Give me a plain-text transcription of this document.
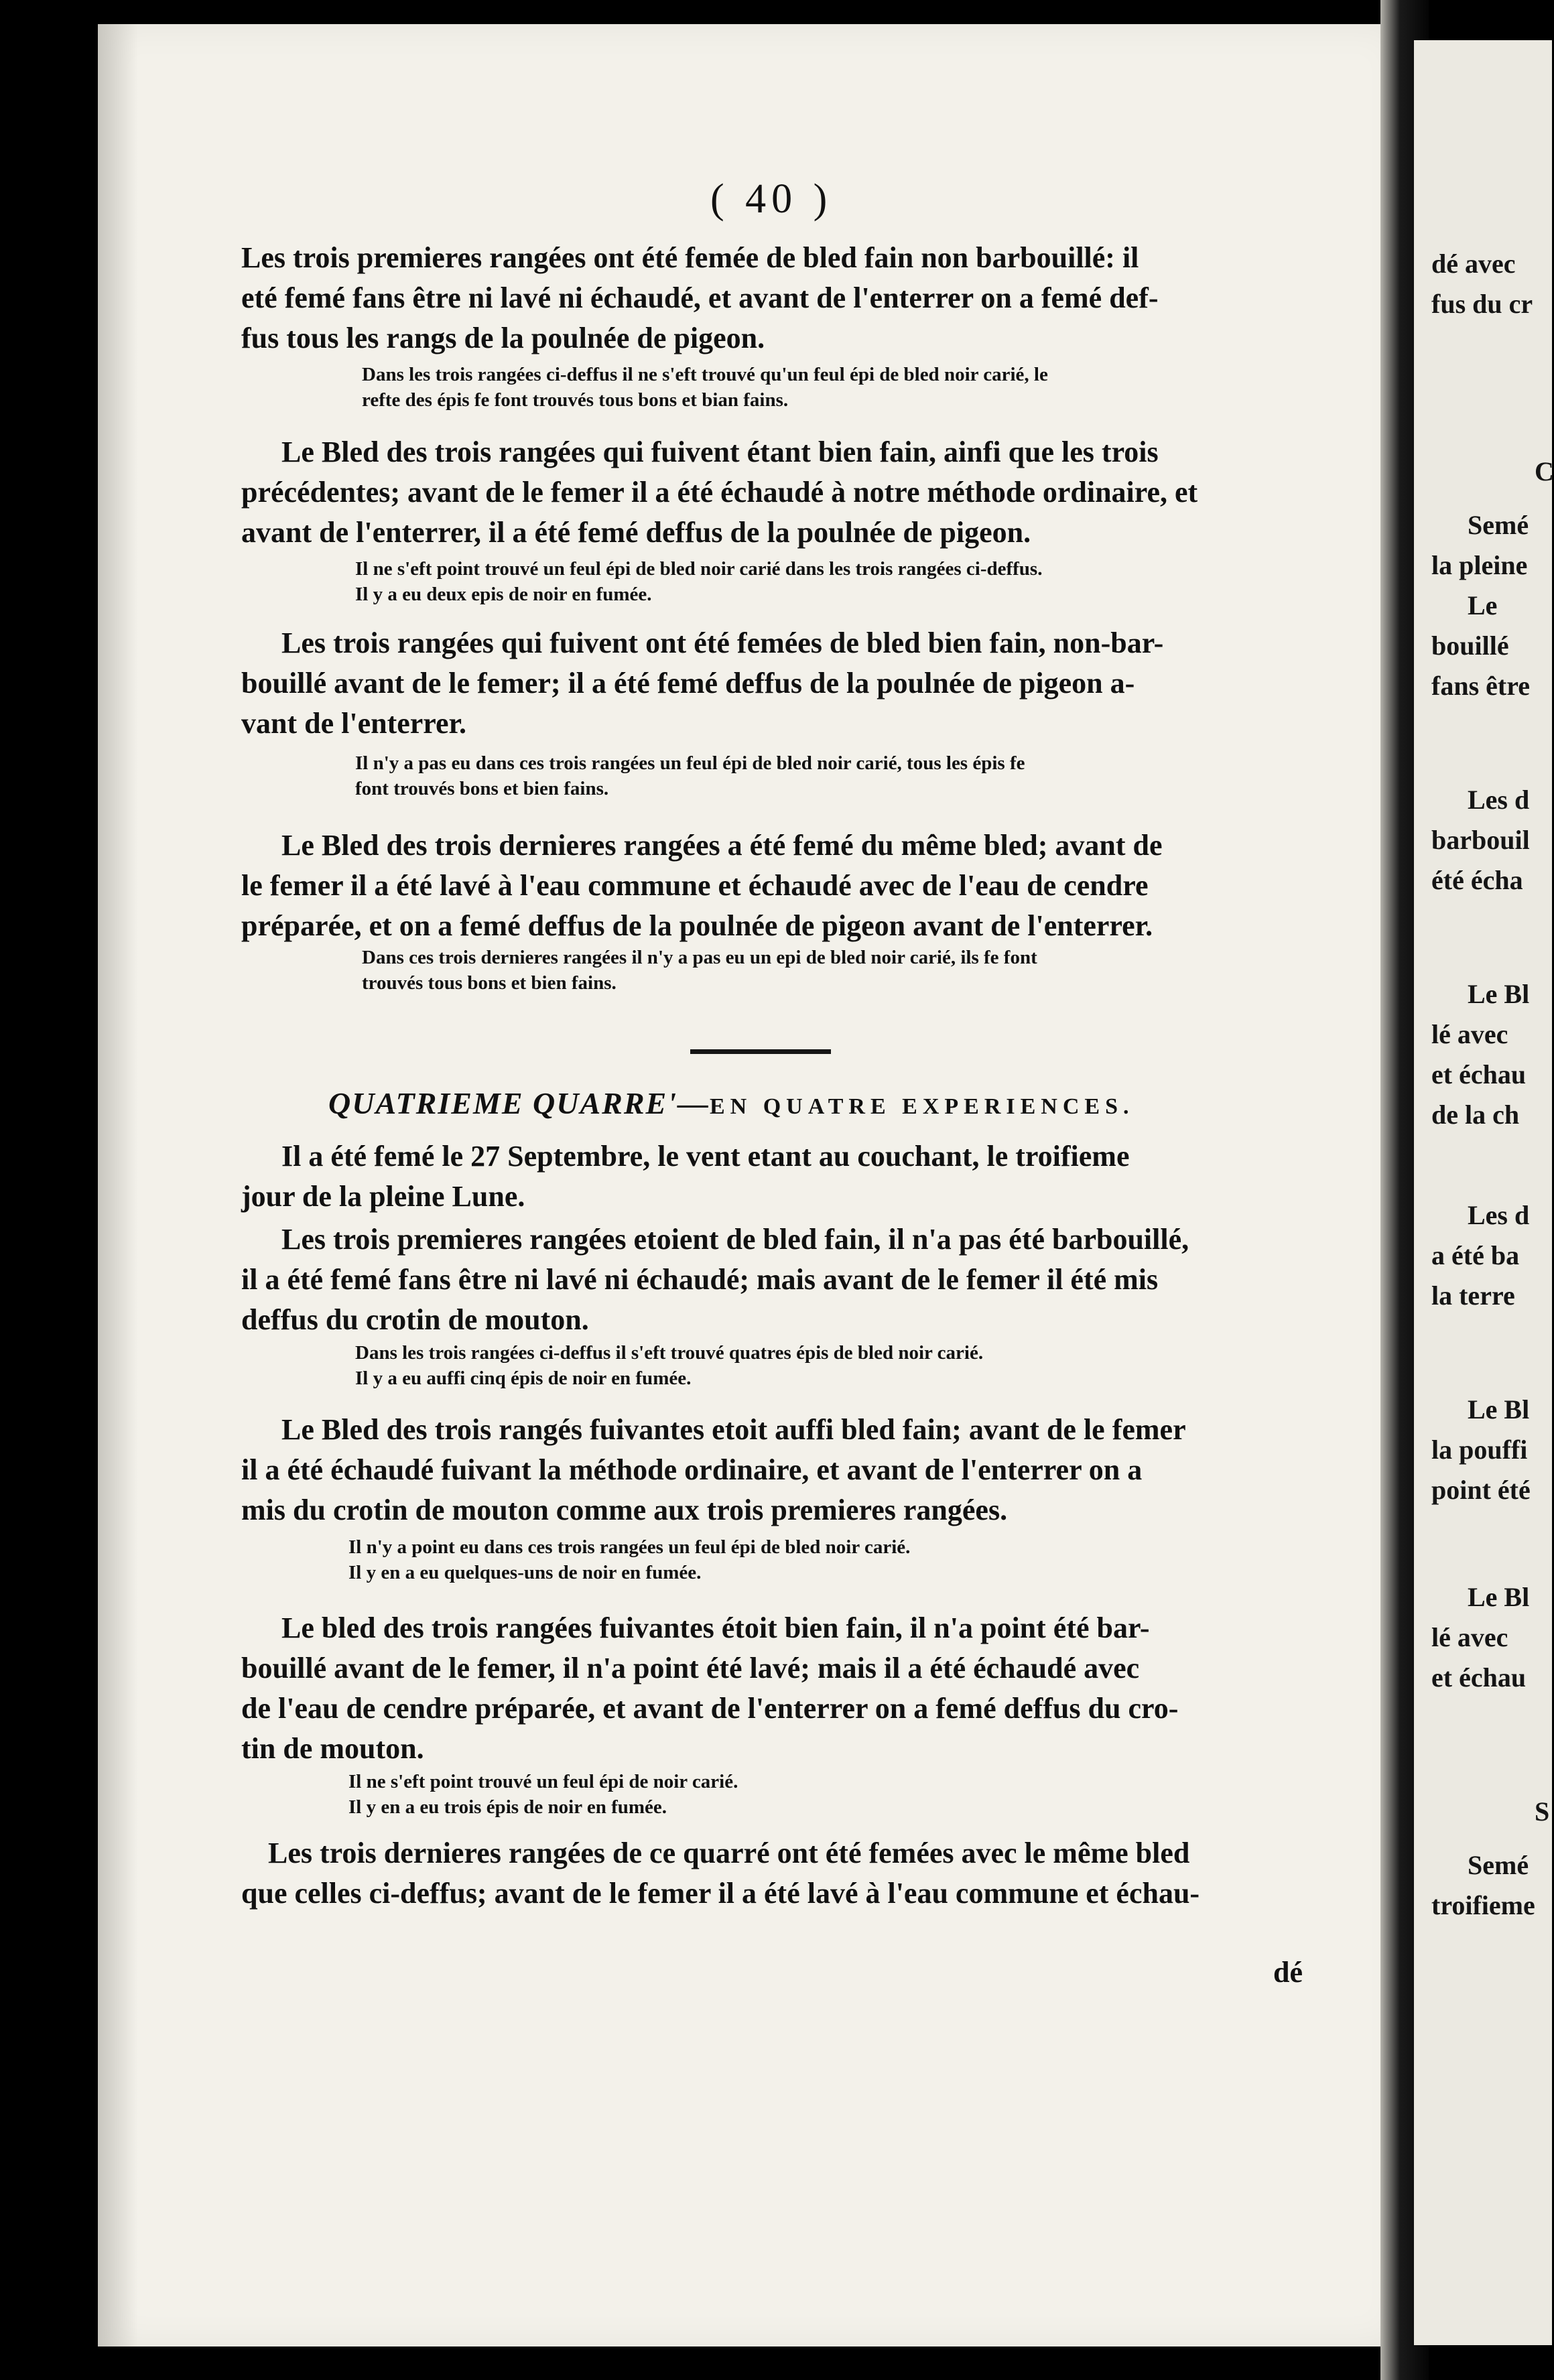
( 40 )
Les trois premieres rangées ont été femée de bled fain non barbouillé: il
eté femé fans être ni lavé ni échaudé, et avant de l'enterrer on a femé def-
fus tous les rangs de la poulnée de pigeon.
Dans les trois rangées ci-deffus il ne s'eft trouvé qu'un feul épi de bled noir carié, le
refte des épis fe font trouvés tous bons et bian fains.
Le Bled des trois rangées qui fuivent étant bien fain, ainfi que les trois
précédentes; avant de le femer il a été échaudé à notre méthode ordinaire, et
avant de l'enterrer, il a été femé deffus de la poulnée de pigeon.
Il ne s'eft point trouvé un feul épi de bled noir carié dans les trois rangées ci-deffus.
Il y a eu deux epis de noir en fumée.
Les trois rangées qui fuivent ont été femées de bled bien fain, non-bar-
bouillé avant de le femer; il a été femé deffus de la poulnée de pigeon a-
vant de l'enterrer.
Il n'y a pas eu dans ces trois rangées un feul épi de bled noir carié, tous les épis fe
font trouvés bons et bien fains.
Le Bled des trois dernieres rangées a été femé du même bled; avant de
le femer il a été lavé à l'eau commune et échaudé avec de l'eau de cendre
préparée, et on a femé deffus de la poulnée de pigeon avant de l'enterrer.
Dans ces trois dernieres rangées il n'y a pas eu un epi de bled noir carié, ils fe font
trouvés tous bons et bien fains.
QUATRIEME QUARRE'—EN QUATRE EXPERIENCES.
Il a été femé le 27 Septembre, le vent etant au couchant, le troifieme
jour de la pleine Lune.
Les trois premieres rangées etoient de bled fain, il n'a pas été barbouillé,
il a été femé fans être ni lavé ni échaudé; mais avant de le femer il été mis
deffus du crotin de mouton.
Dans les trois rangées ci-deffus il s'eft trouvé quatres épis de bled noir carié.
Il y a eu auffi cinq épis de noir en fumée.
Le Bled des trois rangés fuivantes etoit auffi bled fain; avant de le femer
il a été échaudé fuivant la méthode ordinaire, et avant de l'enterrer on a
mis du crotin de mouton comme aux trois premieres rangées.
Il n'y a point eu dans ces trois rangées un feul épi de bled noir carié.
Il y en a eu quelques-uns de noir en fumée.
Le bled des trois rangées fuivantes étoit bien fain, il n'a point été bar-
bouillé avant de le femer, il n'a point été lavé; mais il a été échaudé avec
de l'eau de cendre préparée, et avant de l'enterrer on a femé deffus du cro-
tin de mouton.
Il ne s'eft point trouvé un feul épi de noir carié.
Il y en a eu trois épis de noir en fumée.
Les trois dernieres rangées de ce quarré ont été femées avec le même bled
que celles ci-deffus; avant de le femer il a été lavé à l'eau commune et échau-
dé
dé avec
fus du cr
C
Semé
la pleine
Le
bouillé
fans être
Les d
barbouil
été écha
Le Bl
lé avec
et échau
de la ch
Les d
a été ba
la terre
Le Bl
la pouffi
point été
Le Bl
lé avec
et échau
S
Semé
troifieme
